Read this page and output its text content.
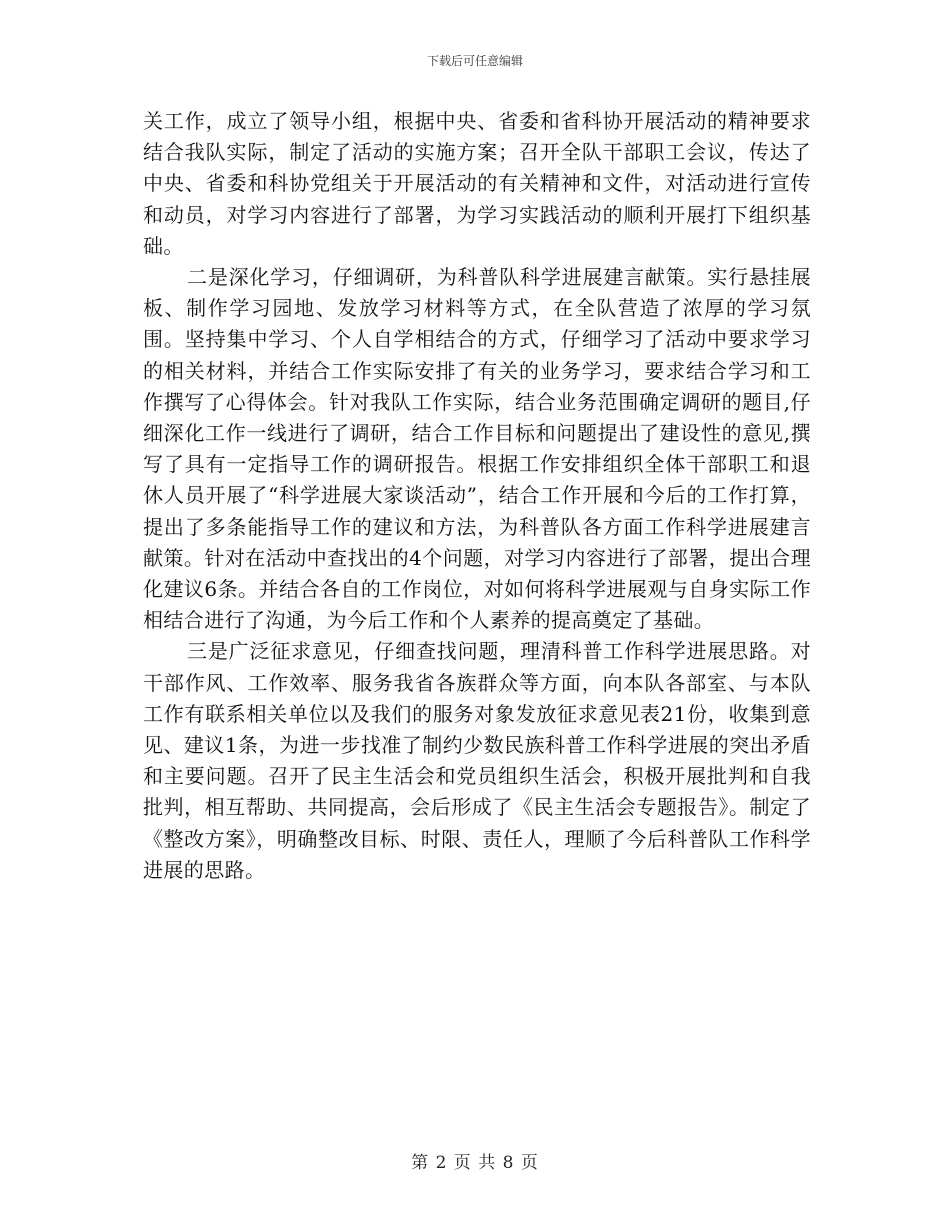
下载后可任意编辑

关工作，成立了领导小组，根据中央、省委和省科协开展活动的精神要求结合我队实际，制定了活动的实施方案；召开全队干部职工会议，传达了中央、省委和科协党组关于开展活动的有关精神和文件，对活动进行宣传和动员，对学习内容进行了部署，为学习实践活动的顺利开展打下组织基础。

二是深化学习，仔细调研，为科普队科学进展建言献策。实行悬挂展板、制作学习园地、发放学习材料等方式，在全队营造了浓厚的学习氛围。坚持集中学习、个人自学相结合的方式，仔细学习了活动中要求学习的相关材料，并结合工作实际安排了有关的业务学习，要求结合学习和工作撰写了心得体会。针对我队工作实际，结合业务范围确定调研的题目,仔细深化工作一线进行了调研，结合工作目标和问题提出了建设性的意见,撰写了具有一定指导工作的调研报告。根据工作安排组织全体干部职工和退休人员开展了“科学进展大家谈活动”，结合工作开展和今后的工作打算，提出了多条能指导工作的建议和方法，为科普队各方面工作科学进展建言献策。针对在活动中查找出的4个问题，对学习内容进行了部署，提出合理化建议6条。并结合各自的工作岗位，对如何将科学进展观与自身实际工作相结合进行了沟通，为今后工作和个人素养的提高奠定了基础。

三是广泛征求意见，仔细查找问题，理清科普工作科学进展思路。对干部作风、工作效率、服务我省各族群众等方面，向本队各部室、与本队工作有联系相关单位以及我们的服务对象发放征求意见表21份，收集到意见、建议1条，为进一步找准了制约少数民族科普工作科学进展的突出矛盾和主要问题。召开了民主生活会和党员组织生活会，积极开展批判和自我批判，相互帮助、共同提高，会后形成了《民主生活会专题报告》。制定了《整改方案》，明确整改目标、时限、责任人，理顺了今后科普队工作科学进展的思路。

第 2 页 共 8 页
